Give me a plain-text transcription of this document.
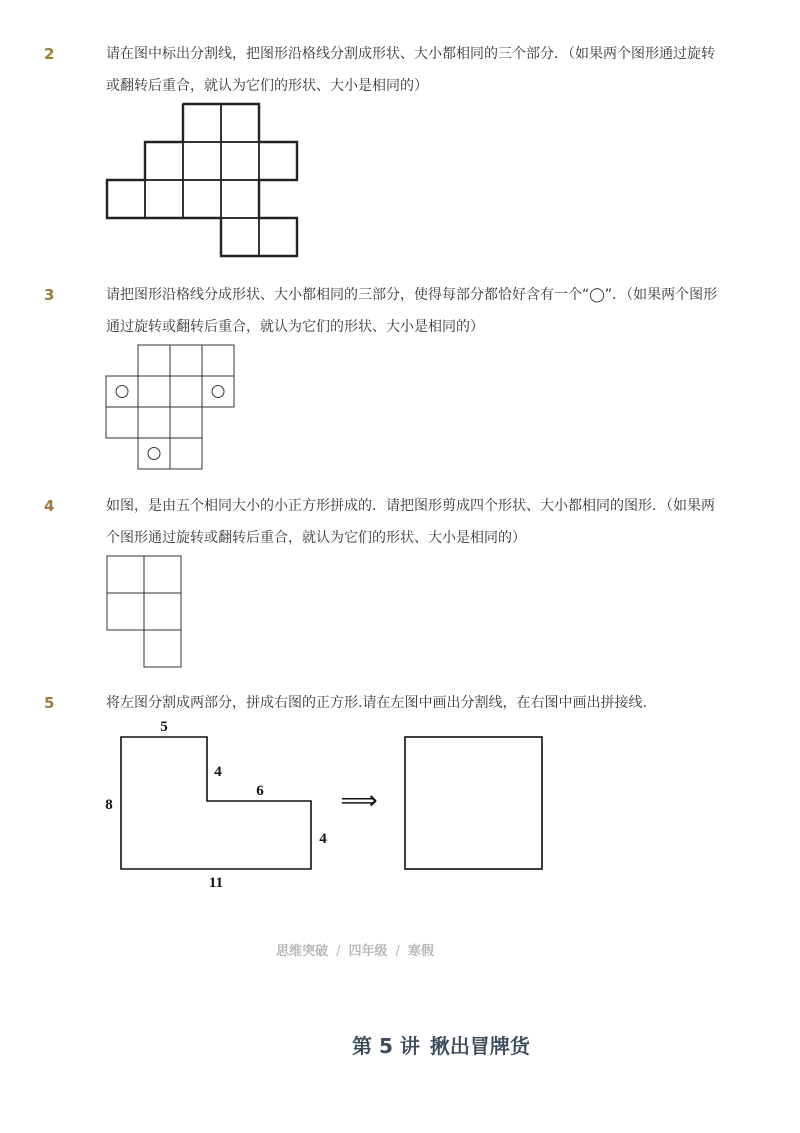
2	请在图中标出分割线，把图形沿格线分割成形状、大小都相同的三个部分．（如果两个图形通过旋转或翻转后重合，就认为它们的形状、大小是相同的）
3	请把图形沿格线分成形状、大小都相同的三部分，使得每部分都恰好含有一个“◯”．（如果两个图形通过旋转或翻转后重合，就认为它们的形状、大小是相同的）
4	如图，是由五个相同大小的小正方形拼成的．请把图形剪成四个形状、大小都相同的图形．（如果两个图形通过旋转或翻转后重合，就认为它们的形状、大小是相同的）
5	将左图分割成两部分，拼成右图的正方形.请在左图中画出分割线，在右图中画出拼接线.
5
4
6
8
4
11
⟹
思维突破 / 四年级 / 寒假
第 5 讲 揪出冒牌货
